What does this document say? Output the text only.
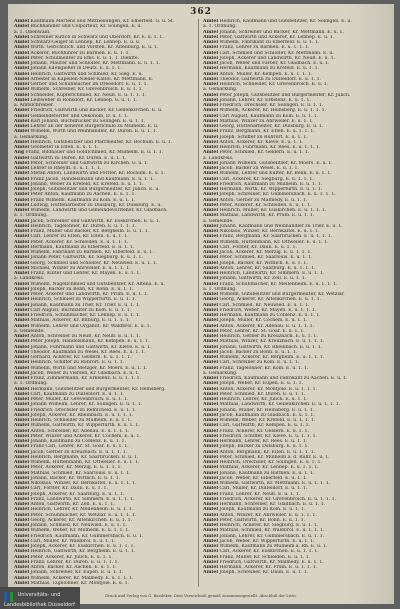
362
Amſel Kaufmann Mertens und Mittheilungen, Kr. Elberfeld. G. u. St.
Amſel Buchhändler und Colporteur, Kr. Solingen. E. u.
a. 1. Obenwald.
Amſel Schreiner Kutſch in Schwarz und Oberdorf, Kr. E. u. 1. 1.
Amſel Schwarz-Geiger in Lennep, Kr. Lennep. E. u. u.
Amſel Wirth. Gerichtsſch. und Vorsteh. Kr. Altenbürg. E. u. 1.
Amſel Ackerer, Buchführer zu Barmen. E. u. 1. 1.
Amſel Peter, Schulmeiſter zu Ems. E. u. 1. 1. Dienſte.
Amſel Johann, Maurer und Schloſſer, Kr. Mettmann. E. u. 1. 1.
Amſel Johann Eiſengießer in Deutz. E. u. 1. 1.
Amſel Heinrich, Gaſtwirth und Schmied, Kr. Sieg. E. u.
Amſel Arbeiter in Kapellen-Nieder-Kaſſel. Kr. Mettmann. E.
Amſel Gerber und Schuhmacher im Dreesdorf. E. u. 1. 1.
Amſel Wilhelm, Schreiner, Kr. Grevenbroich. E. u. 1. 1.
Amſel Schneider, Kupferſchmied, Kr. Neuß. E. u. 1. 1. 1.
Amſel Leinweber in Ronsdorf, Kr. Lennep. G. u. 1. 1.
a. Amtsſchreiber.
Amſel Friedrich, Gaſtwirth und Bäcker, Kr. Geilenkirchen. E. u.
Amſel Gemeindeförſter und Oekonom, D. u. 1. 1.
Amſel Karl Johann, Buchdrucker zu Solingen. E. u. 1. 1.
Amſel Lehrer an der höheren Bürgerſchule zu Mülheim. E. u.
Amſel Wilhelm, Wirth und Weinhändler, Kr. Düren. E. u. 1. 1.
a. Gemarkung.
Amſel Heinrich, Gutsbeſitzer und Pfarrmeiſter, Kr. Bochum. E. u. 1.
Amſel Geometer in Eſſen. E. u. 1. 1.
Ang Franz, Bildhauer und Goldſchmied, Kr. Mülheim. E. u. 1. 1.
Amſel Gaſtwirth zu Düren, Kr. Düren. E. u. 1. 1.
Amſel Peter, Schreiner und Gaſtwirth zu Kirchen. G. u. 1.
Amſel Lehrer in Rheydt. E. u. 1. 1. 1.
Amſel Stefan Anton, Landwirth und Förſter, Kr. Bochum. E. u. 1.
Amſel Franz Jacob, Handelsmann und Kaufmann. E. u. 1. 1.
Amſel Johann, Weber zu Krefeld, Kr. Krefeld. E. u. 1. 1.
Amſel Joſeph, Gutsbeſitzer und Bürgermeiſter, Kr. Jülich. E. u.
Amſel Peter Anton, Kaufmann zu Aachen. E. u. 1. 1.
Amſel Franz Wilhelm, Kaufmann zu Köln. E. u. 1. 1.
Amſel Ludwig, Hüttenarbeiter zu Duisburg, Kr. Duisburg. E. u.
Amſel Wilhelm, Landwirth und Gemeindevorſteher, Kr. Gladbach.
a. 1. Ordnung.
Amſel Jacob, Schreiner und Gaſtwirth, Kr. Euskirchen. E. u. 1.
Amſel Heinrich, Tagelöhner, Kr. Düren. E. u. 1. 1. 1.
Amſel Franz, Müller und Bäcker, Kr. Bergheim. E. u. 1. 1.
Amſel Carl, Lehrer zu Eſſen, Kr. Eſſen. E. u. 1. 1.
Amſel Peter, Ackerer, Kr. Schleiden. E. u. 1. 1. 1.
Amſel Hermann, Kaufmann zu Elberfeld. E. u. 1. 1.
Amſel Wilhelm, Fabrikant zu Barmen, Kr. Elberfeld. E. u. 1.
Amſel Johann Peter, Gaſtwirth, Kr. Siegburg. E. u. 1. 1.
Amſel Georg, Schmied und Schloſſer, Kr. Neuwied. E. u. 1. 1.
Amſel Michael, Winzer zu Ahrweiler. E. u. 1. 1. 1.
Amſel Franz, Küſter und Lehrer, Kr. Mayen. E. u. 1. 1.
a. Landkreis.
Amſel Wilhelm, Nagelſchmied und Gutsbeſitzer, Kr. Altena. E. u.
Amſel Joſeph, Bäcker zu Bonn, Kr. Bonn. E. u. 1. 1.
Amſel Peter, Ackerer und Landwirth, Kr. Prüm. E. u. 1. 1.
Amſel Heinrich, Schmied zu Wipperfürth. E. u. 1. 1.
Amſel Johann, Kaufmann zu Trier, Kr. Trier. E. u. 1. 1.
Amſel Carl August, Buchhalter zu Köln. E. u. 1. 1.
Amſel Friedrich, Schuhmacher, Kr. Lennep. E. u. 1. 1.
Amſel Mathias, Ackerer, Kr. Bitburg. E. u. 1. 1. 1.
Amſel Wilhelm, Lehrer und Organiſt, Kr. Waldbröl. E. u. 1.
a. Gemeinde.
Amſel Anton, Schreiner zu Neuß, Kr. Neuß. E. u. 1. 1.
Amſel Peter Joſeph, Handelsmann, Kr. Kempen. E. u. 1. 1.
Amſel Johann, Fuhrmann und Gaſtwirth, Kr. Kleve. E. u. 1.
Amſel Theodor, Kaufmann zu Wesel, Kr. Rees. E. u. 1. 1.
Amſel Gerhard, Ackerer, Kr. Geldern. E. u. 1. 1. 1.
Amſel Heinrich, Schiffer zu Ruhrort. E. u. 1. 1.
Amſel Wilhelm, Wirth und Metzger, Kr. Moers. E. u. 1. 1.
Amſel Jacob, Weber zu Viersen, Kr. Gladbach. E. u. 1.
Amſel Franz, Zimmermann, Kr. Erkelenz. E. u. 1. 1. 1.
a. 1. Ordnung.
Amſel Hermann, Gutsbeſitzer und Bürgermeiſter, Kr. Heinsberg.
Amſel Carl, Kaufmann zu Düſſeldorf. E. u. 1. 1.
Amſel Peter, Müller, Kr. Grevenbroich. E. u. 1. 1.
Amſel Johann Wilhelm, Lehrer, Kr. Solingen. E. u. 1. 1.
Amſel Friedrich, Drechsler zu Remſcheid. E. u. 1. 1.
Amſel Joſeph, Ackerer, Kr. Rheinbach. E. u. 1. 1. 1.
Amſel Heinrich, Schneider zu Mülheim. E. u. 1. 1.
Amſel Wilhelm, Gaſtwirth, Kr. Wipperfürth. E. u. 1. 1.
Amſel Anton, Schreiner, Kr. Adenau. E. u. 1. 1. 1.
Amſel Peter, Winzer und Ackerer, Kr. Cochem. E. u. 1.
Amſel Johann, Kaufmann zu Coblenz. E. u. 1. 1.
Amſel Franz Carl, Lehrer, Kr. St. Goar. E. u. 1. 1.
Amſel Jacob, Gerber zu Kreuznach. E. u. 1. 1. 1.
Amſel Heinrich, Bergmann, Kr. Saarbrücken. E. u. 1.
Amſel Wilhelm, Hüttenmann, Kr. Ottweiler. E. u. 1. 1.
Amſel Peter, Ackerer, Kr. Merzig. E. u. 1. 1. 1.
Amſel Mathias, Schmied, Kr. Saarlouis. E. u. 1. 1.
Amſel Johann, Bäcker, Kr. Wittlich. E. u. 1. 1.
Amſel Nikolaus, Winzer, Kr. Bernkaſtel. E. u. 1. 1. 1.
Amſel Carl, Förſter, Kr. Daun. E. u. 1. 1.
Amſel Joſeph, Ackerer, Kr. Saarburg. E. u. 1. 1.
Amſel Franz, Landwirth, Kr. Simmern. E. u. 1. 1. 1.
Amſel Anton, Gaſtwirth, Kr. Zell. E. u. 1. 1.
Amſel Heinrich, Lehrer, Kr. Meiſenheim. E. u. 1. 1.
Amſel Peter, Schuhmacher, Kr. Wetzlar. E. u. 1. 1. 1.
Amſel Georg, Ackerer, Kr. Altenkirchen. E. u. 1. 1.
Amſel Johann, Schmied, Kr. Neuwied. E. u. 1. 1.
Amſel Wilhelm, Weber, Kr. Mülheim. E. u. 1. 1. 1.
Amſel Friedrich, Kaufmann, Kr. Gummersbach. E. u. 1.
Amſel Carl, Müller, Kr. Waldbröl. E. u. 1. 1.
Amſel Joſeph, Ackerer, Kr. Euskirchen. E. u. 1. 1. 1.
Amſel Heinrich, Gaſtwirth, Kr. Bergheim. E. u. 1. 1.
Amſel Peter, Ackerer, Kr. Jülich. E. u. 1. 1.
Amſel Franz, Lehrer, Kr. Düren. E. u. 1. 1. 1.
Amſel Anton, Bäcker, Kr. Aachen. E. u. 1. 1.
Amſel Johann, Schreiner, Kr. Eupen. E. u. 1. 1.
Amſel Wilhelm, Ackerer, Kr. Malmedy. E. u. 1. 1. 1.
Amſel Mathias, Tagelöhner, Kr. Montjoie. E. u. 1.
Amſel Heinrich, Kaufmann und Gutsbeſitzer, Kr. Solingen. E. u.
a. 1. Ordnung.
Amſel Johann, Schreiner und Bäcker, Kr. Mettmann. E. u. 1.
Amſel Peter, Gaſtwirth und Ackerer, Kr. Lennep. E. u. 1.
Amſel Wilhelm, Fabrikant zu Elberfeld. E. u. 1. 1.
Amſel Franz, Lehrer zu Barmen. E. u. 1. 1. 1.
Amſel Carl, Schmied und Schloſſer, Kr. Mettmann. E. u.
Amſel Joſeph, Ackerer und Landwirth, Kr. Neuß. E. u. 1.
Amſel Jacob, Weber und Färber, Kr. Gladbach. E. u. 1.
Amſel Hermann, Kaufmann zu Krefeld. E. u. 1. 1.
Amſel Anton, Müller, Kr. Kempen. E. u. 1. 1. 1.
Amſel Theodor, Gaſtwirth zu Düſſeldorf. E. u. 1. 1.
Amſel Heinrich, Schneider, Kr. Grevenbroich. E. u. 1.
a. Gemarkung.
Amſel Peter Joſeph, Gutsbeſitzer und Bürgermeiſter, Kr. Jülich.
Amſel Johann, Lehrer, Kr. Erkelenz. E. u. 1. 1.
Amſel Friedrich, Drechsler, Kr. Solingen. E. u. 1. 1.
Amſel Wilhelm, Ackerer, Kr. Heinsberg. E. u. 1. 1. 1.
Amſel Carl August, Kaufmann zu Köln. E. u. 1. 1.
Amſel Mathias, Winzer zu Ahrweiler. E. u. 1. 1.
Amſel Georg, Hüttenarbeiter, Kr. Duisburg. E. u. 1.
Amſel Franz, Bergmann, Kr. Eſſen. E. u. 1. 1. 1.
Amſel Joſeph, Schiffer zu Ruhrort. E. u. 1. 1.
Amſel Anton, Ackerer, Kr. Kleve. E. u. 1. 1.
Amſel Heinrich, Fuhrmann, Kr. Rees. E. u. 1. 1. 1.
Amſel Peter, Schmied, Kr. Geldern. E. u. 1. 1.
a. Landkreis.
Amſel Johann Wilhelm, Gutsbeſitzer, Kr. Moers. E. u. 1.
Amſel Jacob, Bäcker zu Wesel. E. u. 1. 1.
Amſel Wilhelm, Lehrer und Küſter, Kr. Bonn. E. u. 1. 1.
Amſel Carl, Ackerer, Kr. Siegburg. E. u. 1. 1. 1.
Amſel Friedrich, Kaufmann zu Mülheim. E. u. 1. 1.
Amſel Hermann, Wirth, Kr. Wipperfürth. E. u. 1. 1.
Amſel Joſeph, Schreiner, Kr. Gummersbach. E. u. 1. 1. 1.
Amſel Anton, Gerber zu Malmedy. E. u. 1. 1.
Amſel Peter, Ackerer, Kr. Schleiden. E. u. 1. 1.
Amſel Heinrich, Müller, Kr. Euskirchen. E. u. 1. 1. 1.
Amſel Mathias, Landwirth, Kr. Prüm. E. u. 1. 1.
a. Gemeinde.
Amſel Johann, Kaufmann und Weinhändler zu Trier. E. u. 1.
Amſel Nikolaus, Winzer, Kr. Bernkaſtel. E. u. 1. 1.
Amſel Franz, Bergmann, Kr. Saarbrücken. E. u. 1. 1. 1.
Amſel Wilhelm, Hüttenmann, Kr. Ottweiler. E. u. 1. 1.
Amſel Carl, Förſter, Kr. Daun. E. u. 1. 1.
Amſel Jacob, Ackerer, Kr. Merzig. E. u. 1. 1. 1.
Amſel Peter, Schmied, Kr. Saarlouis. E. u. 1. 1.
Amſel Joſeph, Bäcker, Kr. Wittlich. E. u. 1. 1.
Amſel Anton, Lehrer, Kr. Saarburg. E. u. 1. 1. 1.
Amſel Heinrich, Landwirth, Kr. Simmern. E. u. 1. 1.
Amſel Johann, Gaſtwirth, Kr. Zell. E. u. 1. 1.
Amſel Franz, Schuhmacher, Kr. Meiſenheim. E. u. 1. 1. 1.
a. 1. Ordnung.
Amſel Wilhelm, Gutsbeſitzer und Bürgermeiſter, Kr. Wetzlar.
Amſel Georg, Ackerer, Kr. Altenkirchen. E. u. 1. 1.
Amſel Carl, Schmied, Kr. Neuwied. E. u. 1. 1.
Amſel Friedrich, Weber, Kr. Mayen. E. u. 1. 1. 1.
Amſel Hermann, Kaufmann zu Coblenz. E. u. 1. 1.
Amſel Joſeph, Müller, Kr. Cochem. E. u. 1. 1.
Amſel Anton, Ackerer, Kr. Adenau. E. u. 1. 1. 1.
Amſel Peter, Lehrer, Kr. St. Goar. E. u. 1. 1.
Amſel Heinrich, Gerber zu Kreuznach. E. u. 1. 1.
Amſel Mathias, Winzer, Kr. Kreuznach. E. u. 1. 1. 1.
Amſel Johann, Gaſtwirth, Kr. Rheinbach. E. u. 1. 1.
Amſel Jacob, Bäcker zu Bonn. E. u. 1. 1.
Amſel Wilhelm, Ackerer, Kr. Bergheim. E. u. 1. 1. 1.
Amſel Carl, Schreiner zu Köln. E. u. 1. 1.
Amſel Franz, Tagelöhner, Kr. Köln. E. u. 1. 1.
a. Gemarkung.
Amſel Friedrich, Kaufmann und Fabrikant zu Aachen. E. u. 1.
Amſel Joſeph, Weber, Kr. Eupen. E. u. 1. 1.
Amſel Anton, Ackerer, Kr. Montjoie. E. u. 1. 1. 1.
Amſel Peter, Schmied, Kr. Düren. E. u. 1. 1.
Amſel Heinrich, Lehrer, Kr. Jülich. E. u. 1. 1.
Amſel Mathias, Landwirth, Kr. Geilenkirchen. E. u. 1. 1. 1.
Amſel Johann, Müller, Kr. Heinsberg. E. u. 1. 1.
Amſel Jacob, Kaufmann zu Gladbach. E. u. 1. 1.
Amſel Wilhelm, Weber, Kr. Krefeld. E. u. 1. 1. 1.
Amſel Carl, Gaſtwirth, Kr. Kempen. E. u. 1. 1.
Amſel Franz, Ackerer, Kr. Geldern. E. u. 1. 1.
Amſel Friedrich, Schiffer, Kr. Kleve. E. u. 1. 1. 1.
Amſel Hermann, Lehrer, Kr. Rees. E. u. 1. 1.
Amſel Joſeph, Bäcker zu Duisburg. E. u. 1. 1.
Amſel Anton, Bergmann, Kr. Eſſen. E. u. 1. 1. 1.
Amſel Peter, Schmied, Kr. Mülheim a. d. Ruhr. E. u. 1.
Amſel Heinrich, Drechsler, Kr. Solingen. E. u. 1. 1.
Amſel Mathias, Ackerer, Kr. Lennep. E. u. 1. 1. 1.
Amſel Johann, Kaufmann zu Barmen. E. u. 1. 1.
Amſel Jacob, Weber, Kr. Elberfeld. E. u. 1. 1.
Amſel Wilhelm, Gaſtwirth, Kr. Mettmann. E. u. 1. 1. 1.
Amſel Carl, Müller, Kr. Düſſeldorf. E. u. 1. 1.
Amſel Franz, Lehrer, Kr. Neuß. E. u. 1. 1.
Amſel Friedrich, Ackerer, Kr. Grevenbroich. E. u. 1. 1. 1.
Amſel Hermann, Schreiner, Kr. Gladbach. E. u. 1. 1.
Amſel Joſeph, Kaufmann zu Köln. E. u. 1. 1.
Amſel Anton, Winzer, Kr. Ahrweiler. E. u. 1. 1. 1.
Amſel Peter, Gaſtwirth, Kr. Bonn. E. u. 1. 1.
Amſel Heinrich, Ackerer, Kr. Siegburg. E. u. 1. 1.
Amſel Mathias, Schmied, Kr. Waldbröl. E. u. 1. 1. 1.
Amſel Johann, Lehrer, Kr. Gummersbach. E. u. 1. 1.
Amſel Jacob, Weber, Kr. Wipperfürth. E. u. 1. 1.
Amſel Wilhelm, Kaufmann zu Mülheim a. Rh. E. u. 1.
Amſel Carl, Ackerer, Kr. Euskirchen. E. u. 1. 1. 1.
Amſel Franz, Müller, Kr. Schleiden. E. u. 1. 1.
Amſel Friedrich, Gaſtwirth, Kr. Malmedy. E. u. 1. 1.
Amſel Hermann, Ackerer, Kr. Prüm. E. u. 1. 1. 1.
Amſel Joſeph, Schreiner, Kr. Daun. E. u. 1. 1.
Druck und Verlag von G. Baedeker. Dem Verzeichniß gemäß zusammengestellt. Abschluß der Liste.
Universitäts- und
Landesbibliothek Düsseldorf
